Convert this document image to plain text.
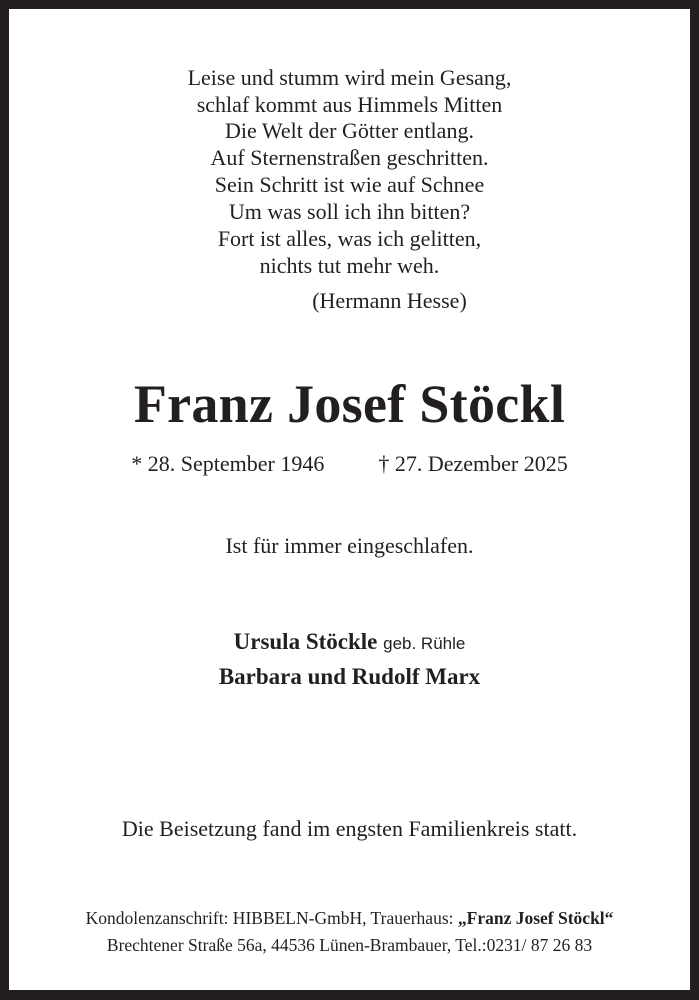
Leise und stumm wird mein Gesang,
schlaf kommt aus Himmels Mitten
Die Welt der Götter entlang.
Auf Sternenstraßen geschritten.
Sein Schritt ist wie auf Schnee
Um was soll ich ihn bitten?
Fort ist alles, was ich gelitten,
nichts tut mehr weh.
(Hermann Hesse)
Franz Josef Stöckl
* 28. September 1946 † 27. Dezember 2025
Ist für immer eingeschlafen.
Ursula Stöckle geb. Rühle
Barbara und Rudolf Marx
Die Beisetzung fand im engsten Familienkreis statt.
Kondolenzanschrift: HIBBELN-GmbH, Trauerhaus: „Franz Josef Stöckl“
Brechtener Straße 56a, 44536 Lünen-Brambauer, Tel.:0231/ 87 26 83
